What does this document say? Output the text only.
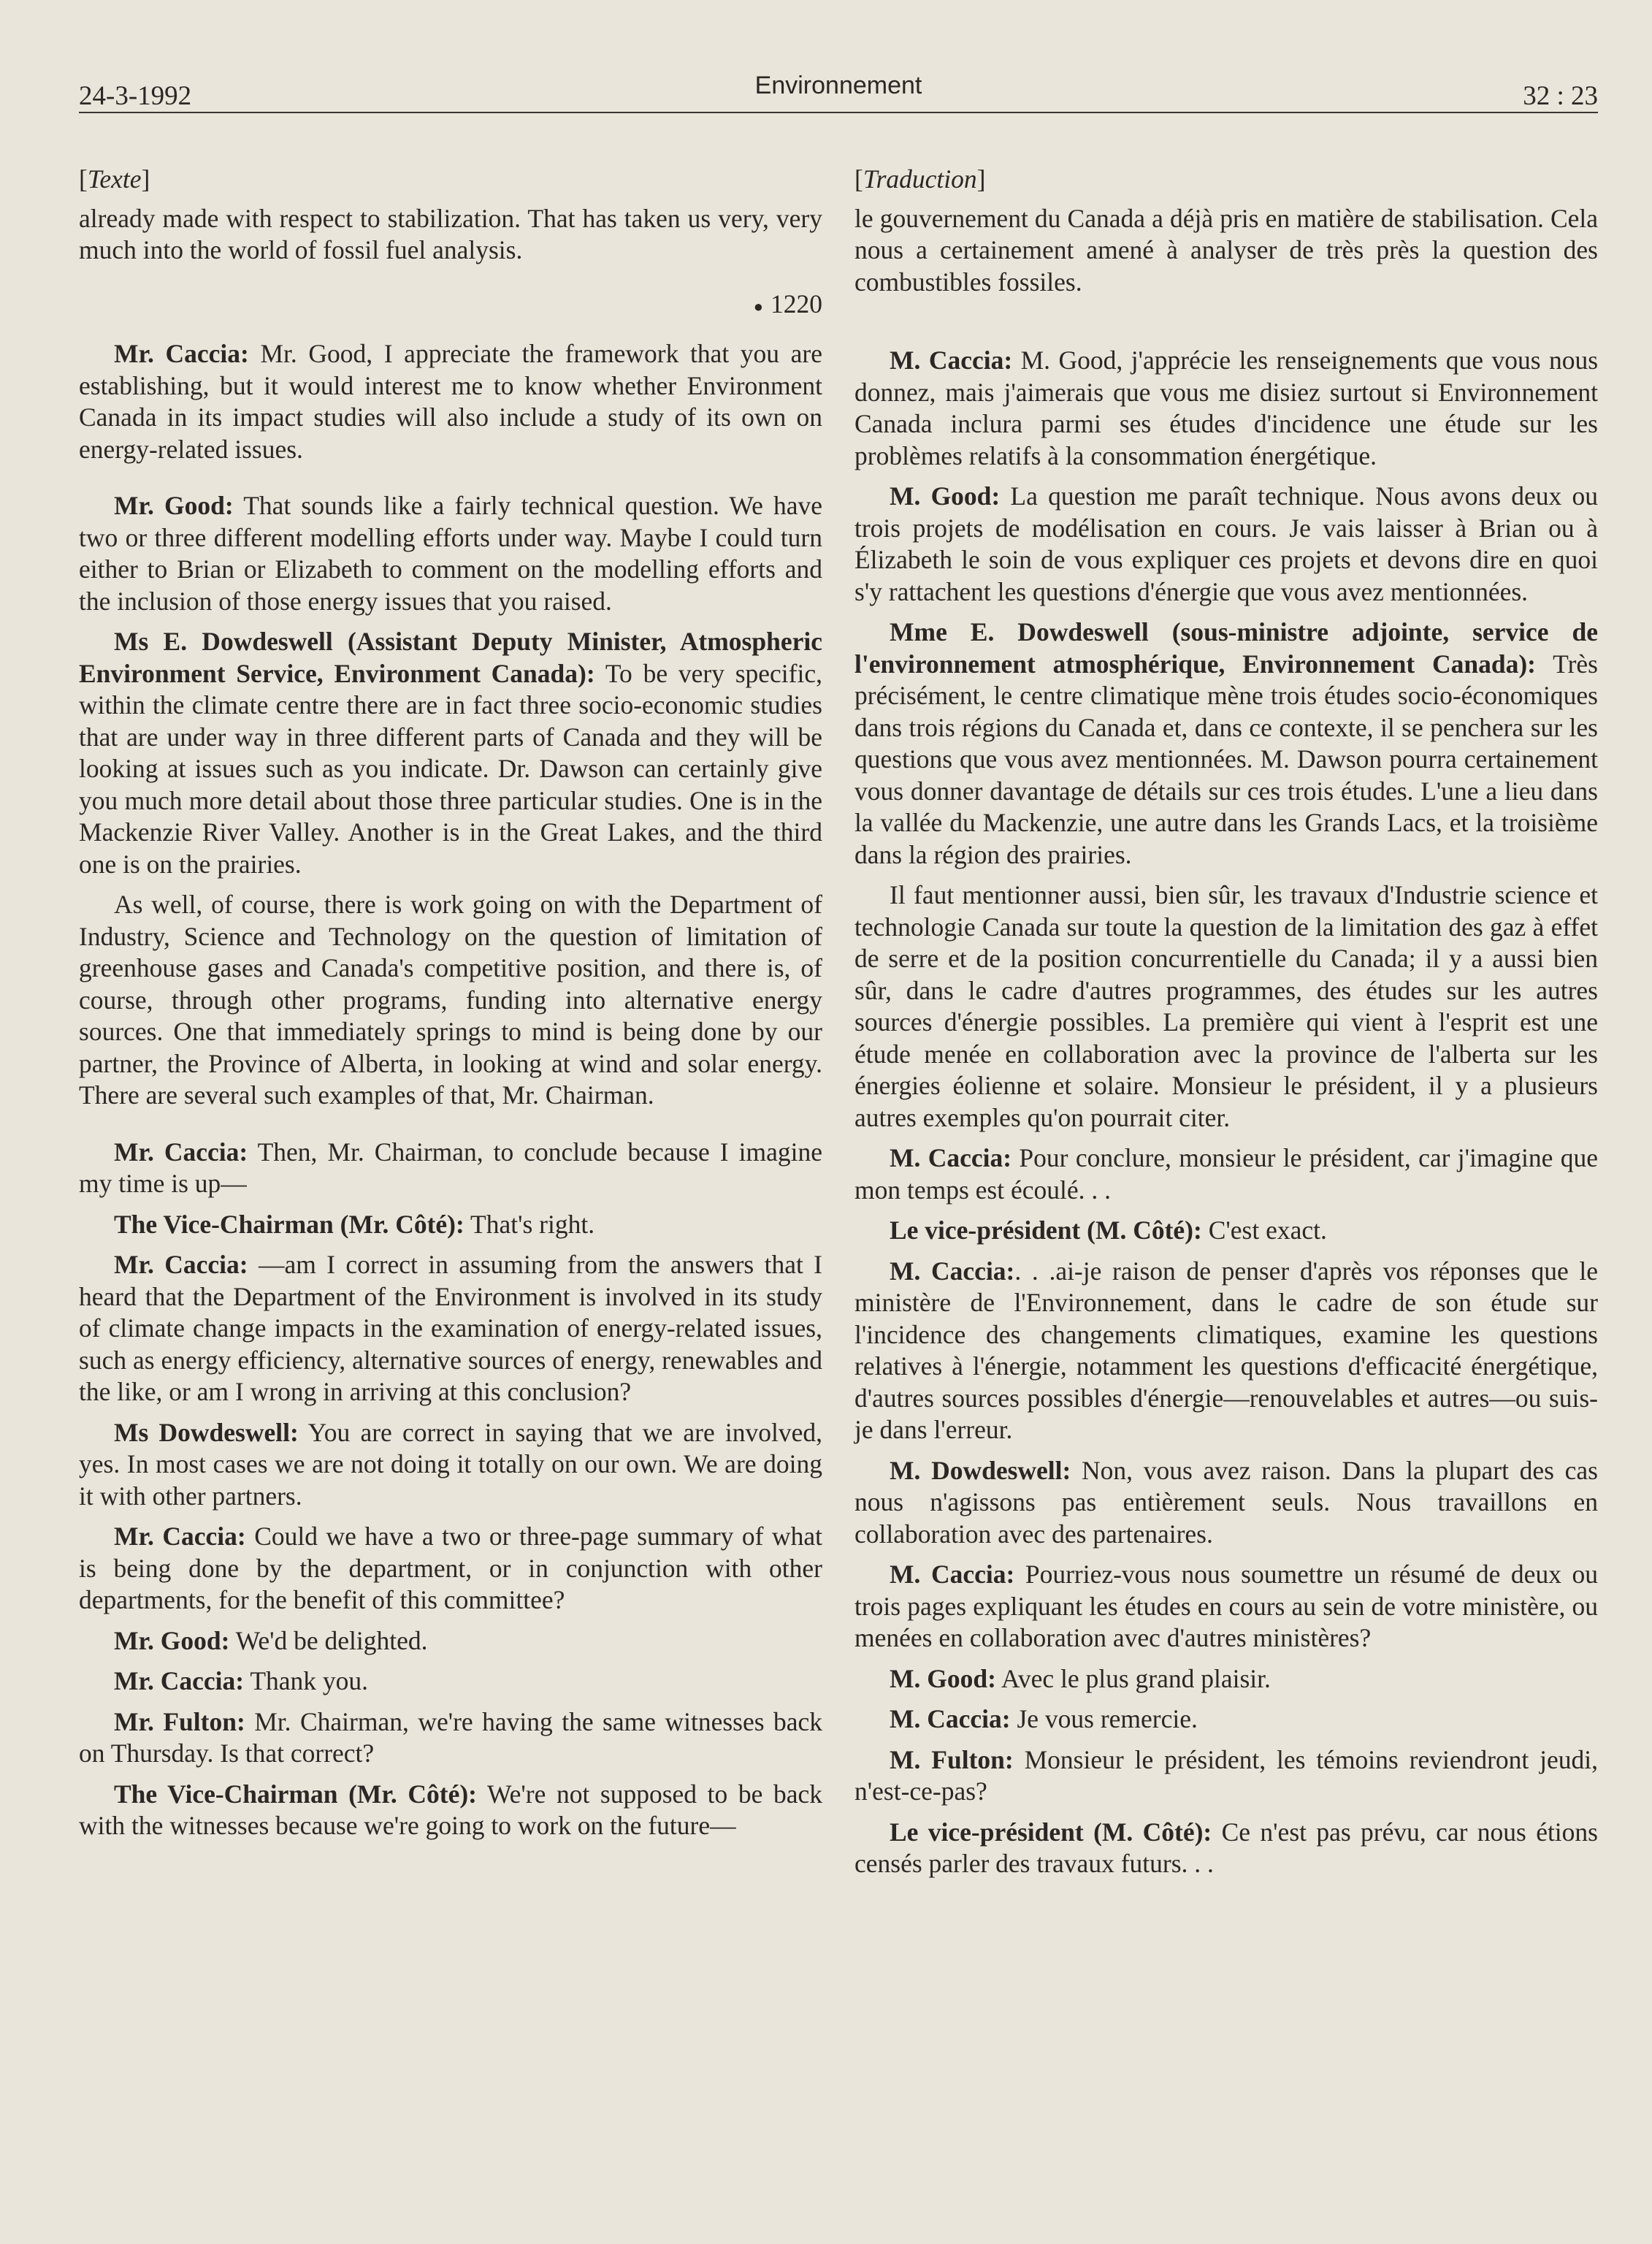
24-3-1992	Environnement	32 : 23
[Texte]

already made with respect to stabilization. That has taken us very, very much into the world of fossil fuel analysis.

● 1220

Mr. Caccia: Mr. Good, I appreciate the framework that you are establishing, but it would interest me to know whether Environment Canada in its impact studies will also include a study of its own on energy-related issues.

Mr. Good: That sounds like a fairly technical question. We have two or three different modelling efforts under way. Maybe I could turn either to Brian or Elizabeth to comment on the modelling efforts and the inclusion of those energy issues that you raised.

Ms E. Dowdeswell (Assistant Deputy Minister, Atmospheric Environment Service, Environment Canada): To be very specific, within the climate centre there are in fact three socio-economic studies that are under way in three different parts of Canada and they will be looking at issues such as you indicate. Dr. Dawson can certainly give you much more detail about those three particular studies. One is in the Mackenzie River Valley. Another is in the Great Lakes, and the third one is on the prairies.

As well, of course, there is work going on with the Department of Industry, Science and Technology on the question of limitation of greenhouse gases and Canada's competitive position, and there is, of course, through other programs, funding into alternative energy sources. One that immediately springs to mind is being done by our partner, the Province of Alberta, in looking at wind and solar energy. There are several such examples of that, Mr. Chairman.

Mr. Caccia: Then, Mr. Chairman, to conclude because I imagine my time is up—

The Vice-Chairman (Mr. Côté): That's right.

Mr. Caccia: —am I correct in assuming from the answers that I heard that the Department of the Environment is involved in its study of climate change impacts in the examination of energy-related issues, such as energy efficiency, alternative sources of energy, renewables and the like, or am I wrong in arriving at this conclusion?

Ms Dowdeswell: You are correct in saying that we are involved, yes. In most cases we are not doing it totally on our own. We are doing it with other partners.

Mr. Caccia: Could we have a two or three-page summary of what is being done by the department, or in conjunction with other departments, for the benefit of this committee?

Mr. Good: We'd be delighted.

Mr. Caccia: Thank you.

Mr. Fulton: Mr. Chairman, we're having the same witnesses back on Thursday. Is that correct?

The Vice-Chairman (Mr. Côté): We're not supposed to be back with the witnesses because we're going to work on the future—

[Traduction]

le gouvernement du Canada a déjà pris en matière de stabilisation. Cela nous a certainement amené à analyser de très près la question des combustibles fossiles.

M. Caccia: M. Good, j'apprécie les renseignements que vous nous donnez, mais j'aimerais que vous me disiez surtout si Environnement Canada inclura parmi ses études d'incidence une étude sur les problèmes relatifs à la consommation énergétique.

M. Good: La question me paraît technique. Nous avons deux ou trois projets de modélisation en cours. Je vais laisser à Brian ou à Élizabeth le soin de vous expliquer ces projets et devons dire en quoi s'y rattachent les questions d'énergie que vous avez mentionnées.

Mme E. Dowdeswell (sous-ministre adjointe, service de l'environnement atmosphérique, Environnement Canada): Très précisément, le centre climatique mène trois études socio-économiques dans trois régions du Canada et, dans ce contexte, il se penchera sur les questions que vous avez mentionnées. M. Dawson pourra certainement vous donner davantage de détails sur ces trois études. L'une a lieu dans la vallée du Mackenzie, une autre dans les Grands Lacs, et la troisième dans la région des prairies.

Il faut mentionner aussi, bien sûr, les travaux d'Industrie science et technologie Canada sur toute la question de la limitation des gaz à effet de serre et de la position concurrentielle du Canada; il y a aussi bien sûr, dans le cadre d'autres programmes, des études sur les autres sources d'énergie possibles. La première qui vient à l'esprit est une étude menée en collaboration avec la province de l'alberta sur les énergies éolienne et solaire. Monsieur le président, il y a plusieurs autres exemples qu'on pourrait citer.

M. Caccia: Pour conclure, monsieur le président, car j'imagine que mon temps est écoulé. . .

Le vice-président (M. Côté): C'est exact.

M. Caccia:. . .ai-je raison de penser d'après vos réponses que le ministère de l'Environnement, dans le cadre de son étude sur l'incidence des changements climatiques, examine les questions relatives à l'énergie, notamment les questions d'efficacité énergétique, d'autres sources possibles d'énergie—renouvelables et autres—ou suis-je dans l'erreur.

M. Dowdeswell: Non, vous avez raison. Dans la plupart des cas nous n'agissons pas entièrement seuls. Nous travaillons en collaboration avec des partenaires.

M. Caccia: Pourriez-vous nous soumettre un résumé de deux ou trois pages expliquant les études en cours au sein de votre ministère, ou menées en collaboration avec d'autres ministères?

M. Good: Avec le plus grand plaisir.

M. Caccia: Je vous remercie.

M. Fulton: Monsieur le président, les témoins reviendront jeudi, n'est-ce-pas?

Le vice-président (M. Côté): Ce n'est pas prévu, car nous étions censés parler des travaux futurs. . .
